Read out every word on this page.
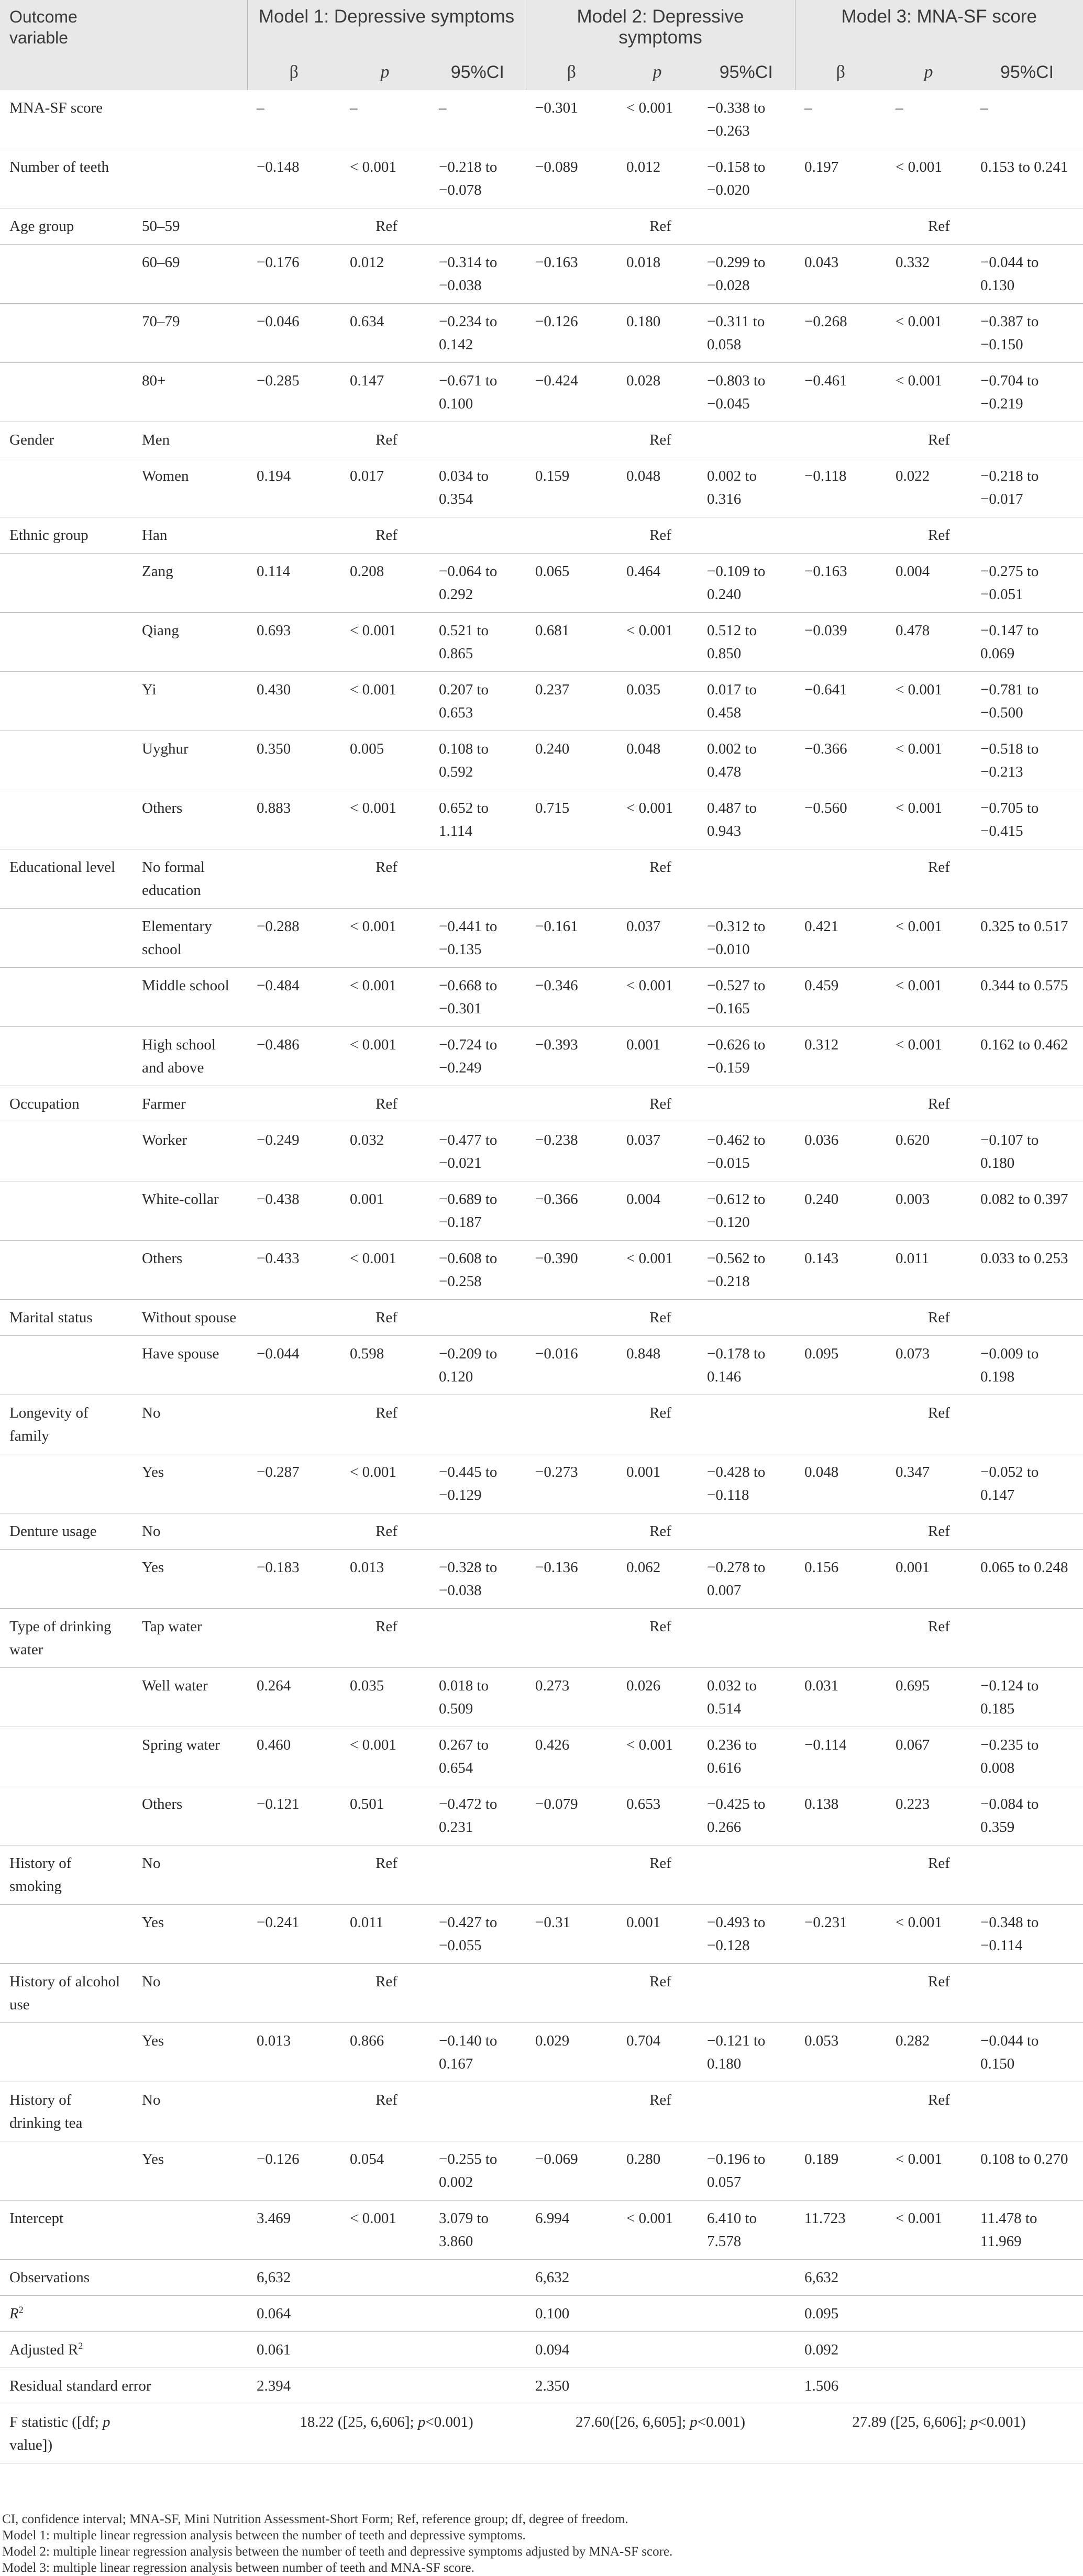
Outcome variable		Model 1: Depressive symptoms			Model 2: Depressive symptoms			Model 3: MNA-SF score		
		β	p	95%CI	β	p	95%CI	β	p	95%CI
MNA-SF score		–	–	–	−0.301	< 0.001	−0.338 to −0.263	–	–	–
Number of teeth		−0.148	< 0.001	−0.218 to −0.078	−0.089	0.012	−0.158 to −0.020	0.197	< 0.001	0.153 to 0.241
Age group	50–59	Ref			Ref			Ref		
	60–69	−0.176	0.012	−0.314 to −0.038	−0.163	0.018	−0.299 to −0.028	0.043	0.332	−0.044 to 0.130
	70–79	−0.046	0.634	−0.234 to 0.142	−0.126	0.180	−0.311 to 0.058	−0.268	< 0.001	−0.387 to −0.150
	80+	−0.285	0.147	−0.671 to 0.100	−0.424	0.028	−0.803 to −0.045	−0.461	< 0.001	−0.704 to −0.219
Gender	Men	Ref			Ref			Ref		
	Women	0.194	0.017	0.034 to 0.354	0.159	0.048	0.002 to 0.316	−0.118	0.022	−0.218 to −0.017
Ethnic group	Han	Ref			Ref			Ref		
	Zang	0.114	0.208	−0.064 to 0.292	0.065	0.464	−0.109 to 0.240	−0.163	0.004	−0.275 to −0.051
	Qiang	0.693	< 0.001	0.521 to 0.865	0.681	< 0.001	0.512 to 0.850	−0.039	0.478	−0.147 to 0.069
	Yi	0.430	< 0.001	0.207 to 0.653	0.237	0.035	0.017 to 0.458	−0.641	< 0.001	−0.781 to −0.500
	Uyghur	0.350	0.005	0.108 to 0.592	0.240	0.048	0.002 to 0.478	−0.366	< 0.001	−0.518 to −0.213
	Others	0.883	< 0.001	0.652 to 1.114	0.715	< 0.001	0.487 to 0.943	−0.560	< 0.001	−0.705 to −0.415
Educational level	No formal education	Ref			Ref			Ref		
	Elementary school	−0.288	< 0.001	−0.441 to −0.135	−0.161	0.037	−0.312 to −0.010	0.421	< 0.001	0.325 to 0.517
	Middle school	−0.484	< 0.001	−0.668 to −0.301	−0.346	< 0.001	−0.527 to −0.165	0.459	< 0.001	0.344 to 0.575
	High school and above	−0.486	< 0.001	−0.724 to −0.249	−0.393	0.001	−0.626 to −0.159	0.312	< 0.001	0.162 to 0.462
Occupation	Farmer	Ref			Ref			Ref		
	Worker	−0.249	0.032	−0.477 to −0.021	−0.238	0.037	−0.462 to −0.015	0.036	0.620	−0.107 to 0.180
	White-collar	−0.438	0.001	−0.689 to −0.187	−0.366	0.004	−0.612 to −0.120	0.240	0.003	0.082 to 0.397
	Others	−0.433	< 0.001	−0.608 to −0.258	−0.390	< 0.001	−0.562 to −0.218	0.143	0.011	0.033 to 0.253
Marital status	Without spouse	Ref			Ref			Ref		
	Have spouse	−0.044	0.598	−0.209 to 0.120	−0.016	0.848	−0.178 to 0.146	0.095	0.073	−0.009 to 0.198
Longevity of family	No	Ref			Ref			Ref		
	Yes	−0.287	< 0.001	−0.445 to −0.129	−0.273	0.001	−0.428 to −0.118	0.048	0.347	−0.052 to 0.147
Denture usage	No	Ref			Ref			Ref		
	Yes	−0.183	0.013	−0.328 to −0.038	−0.136	0.062	−0.278 to 0.007	0.156	0.001	0.065 to 0.248
Type of drinking water	Tap water	Ref			Ref			Ref		
	Well water	0.264	0.035	0.018 to 0.509	0.273	0.026	0.032 to 0.514	0.031	0.695	−0.124 to 0.185
	Spring water	0.460	< 0.001	0.267 to 0.654	0.426	< 0.001	0.236 to 0.616	−0.114	0.067	−0.235 to 0.008
	Others	−0.121	0.501	−0.472 to 0.231	−0.079	0.653	−0.425 to 0.266	0.138	0.223	−0.084 to 0.359
History of smoking	No	Ref			Ref			Ref		
	Yes	−0.241	0.011	−0.427 to −0.055	−0.31	0.001	−0.493 to −0.128	−0.231	< 0.001	−0.348 to −0.114
History of alcohol use	No	Ref			Ref			Ref		
	Yes	0.013	0.866	−0.140 to 0.167	0.029	0.704	−0.121 to 0.180	0.053	0.282	−0.044 to 0.150
History of drinking tea	No	Ref			Ref			Ref		
	Yes	−0.126	0.054	−0.255 to 0.002	−0.069	0.280	−0.196 to 0.057	0.189	< 0.001	0.108 to 0.270
Intercept		3.469	< 0.001	3.079 to 3.860	6.994	< 0.001	6.410 to 7.578	11.723	< 0.001	11.478 to 11.969
Observations		6,632			6,632			6,632		
$R^2$		0.064			0.100			0.095		
Adjusted $R^2$		0.061			0.094			0.092		
Residual standard error		2.394			2.350			1.506		
F statistic ([df; p value])		18.22 ([25, 6,606]; p<0.001)			27.60([26, 6,605]; p<0.001)			27.89 ([25, 6,606]; p<0.001)		
CI, confidence interval; MNA-SF, Mini Nutrition Assessment-Short Form; Ref, reference group; df, degree of freedom.
Model 1: multiple linear regression analysis between the number of teeth and depressive symptoms.
Model 2: multiple linear regression analysis between the number of teeth and depressive symptoms adjusted by MNA-SF score.
Model 3: multiple linear regression analysis between number of teeth and MNA-SF score.
